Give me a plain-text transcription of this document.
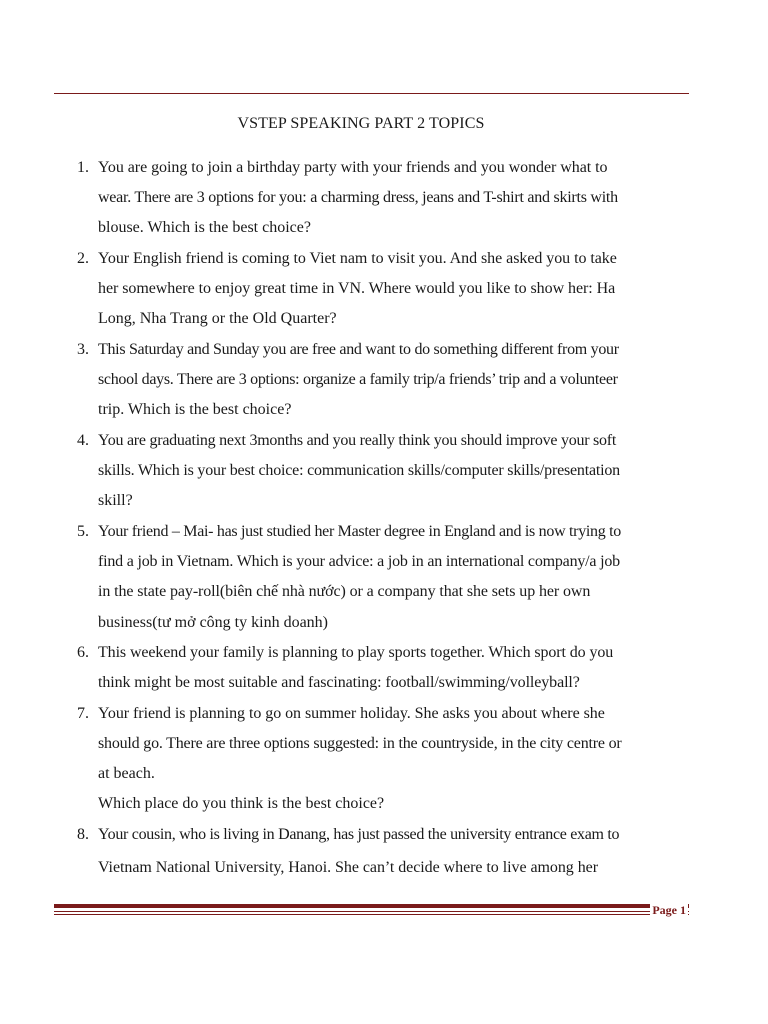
VSTEP SPEAKING PART 2 TOPICS
1. You are going to join a birthday party with your friends and you wonder what to
wear. There are 3 options for you: a charming dress, jeans and T-shirt and skirts with
blouse. Which is the best choice?
2. Your English friend is coming to Viet nam to visit you. And she asked you to take
her somewhere to enjoy great time in VN. Where would you like to show her: Ha
Long, Nha Trang or the Old Quarter?
3. This Saturday and Sunday you are free and want to do something different from your
school days. There are 3 options: organize a family trip/a friends’ trip and a volunteer
trip. Which is the best choice?
4. You are graduating next 3months and you really think you should improve your soft
skills. Which is your best choice: communication skills/computer skills/presentation
skill?
5. Your friend – Mai- has just studied her Master degree in England and is now trying to
find a job in Vietnam. Which is your advice: a job in an international company/a job
in the state pay-roll(biên chế nhà nước) or a company that she sets up her own
business(tư mở công ty kinh doanh)
6. This weekend your family is planning to play sports together. Which sport do you
think might be most suitable and fascinating: football/swimming/volleyball?
7. Your friend is planning to go on summer holiday. She asks you about where she
should go. There are three options suggested: in the countryside, in the city centre or
at beach.
Which place do you think is the best choice?
8. Your cousin, who is living in Danang, has just passed the university entrance exam to
Vietnam National University, Hanoi. She can’t decide where to live among her
Page 1
